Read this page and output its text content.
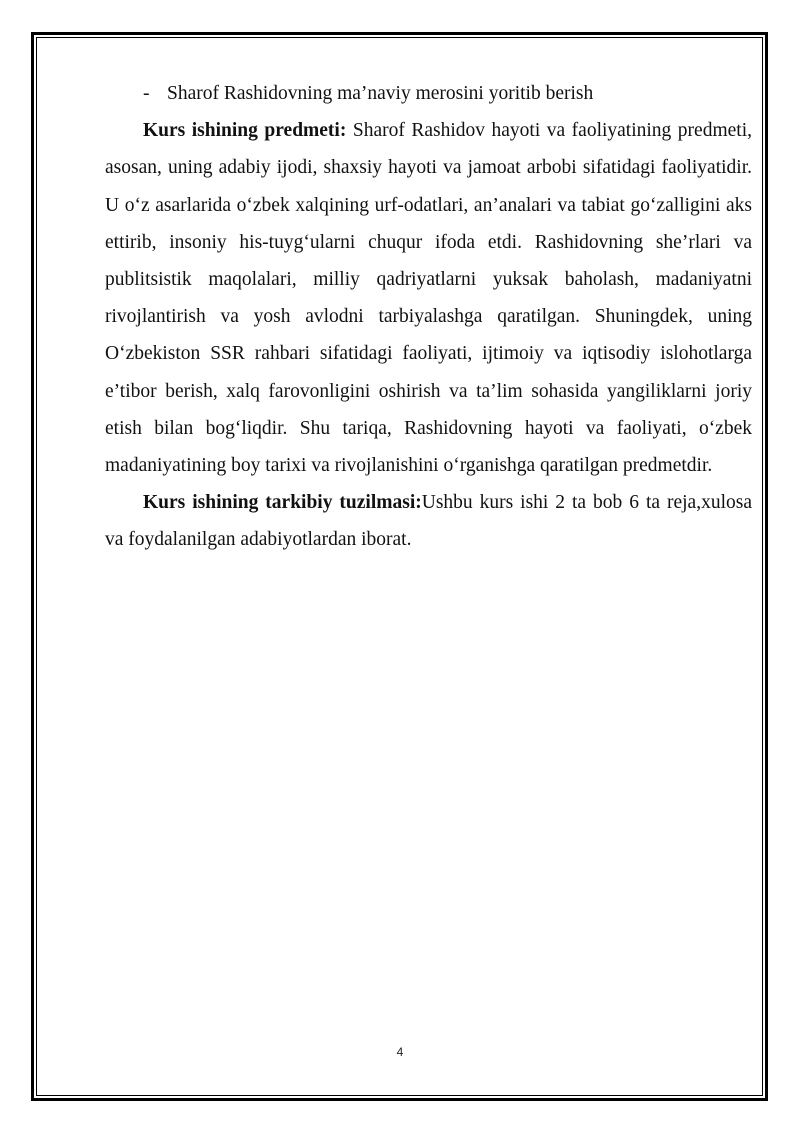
- Sharof Rashidovning ma’naviy merosini yoritib berish

Kurs ishining predmeti: Sharof Rashidov hayoti va faoliyatining predmeti, asosan, uning adabiy ijodi, shaxsiy hayoti va jamoat arbobi sifatidagi faoliyatidir. U o‘z asarlarida o‘zbek xalqining urf-odatlari, an’analari va tabiat go‘zalligini aks ettirib, insoniy his-tuyg‘ularni chuqur ifoda etdi. Rashidovning she’rlari va publitsistik maqolalari, milliy qadriyatlarni yuksak baholash, madaniyatni rivojlantirish va yosh avlodni tarbiyalashga qaratilgan. Shuningdek, uning O‘zbekiston SSR rahbari sifatidagi faoliyati, ijtimoiy va iqtisodiy islohotlarga e’tibor berish, xalq farovonligini oshirish va ta’lim sohasida yangiliklarni joriy etish bilan bog‘liqdir. Shu tariqa, Rashidovning hayoti va faoliyati, o‘zbek madaniyatining boy tarixi va rivojlanishini o‘rganishga qaratilgan predmetdir.

Kurs ishining tarkibiy tuzilmasi:Ushbu kurs ishi 2 ta bob 6 ta reja,xulosa va foydalanilgan adabiyotlardan iborat.

4
